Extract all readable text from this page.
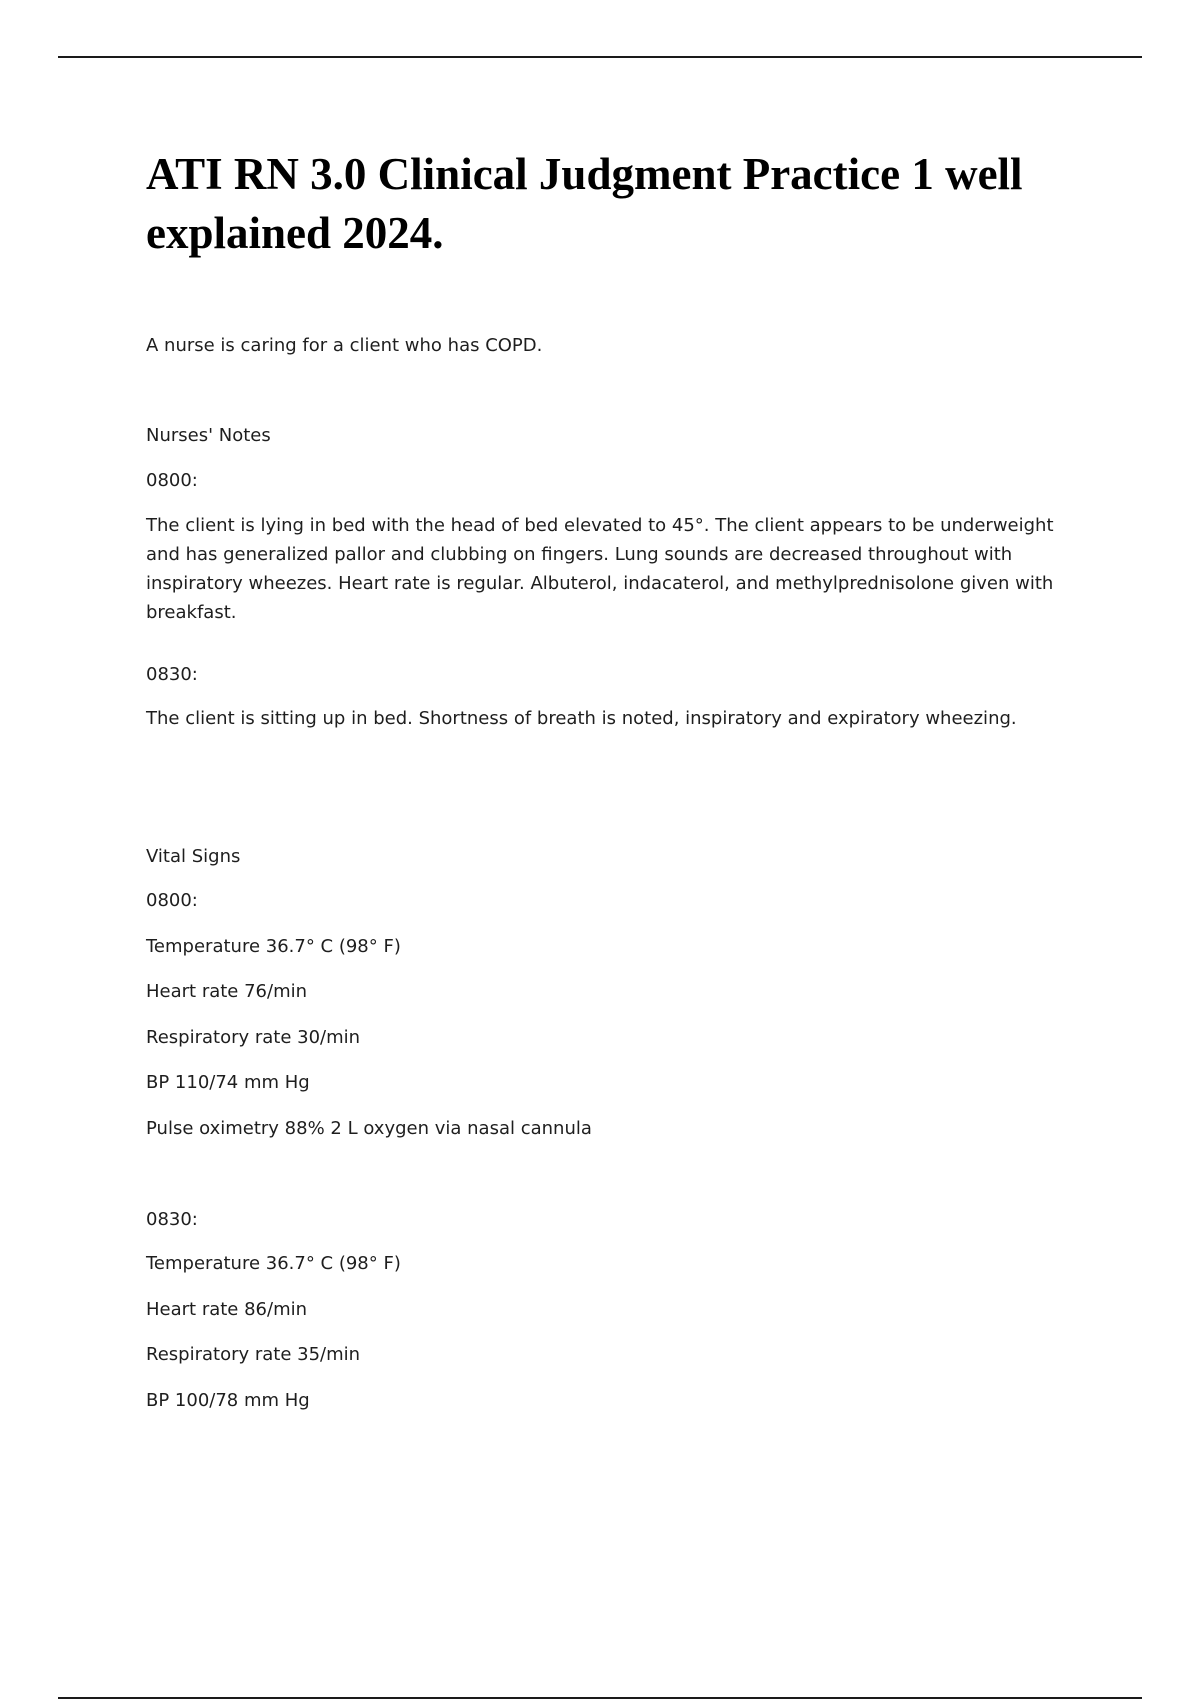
ATI RN 3.0 Clinical Judgment Practice 1 well explained 2024.

A nurse is caring for a client who has COPD.

Nurses' Notes

0800:

The client is lying in bed with the head of bed elevated to 45°. The client appears to be underweight and has generalized pallor and clubbing on fingers. Lung sounds are decreased throughout with inspiratory wheezes. Heart rate is regular. Albuterol, indacaterol, and methylprednisolone given with breakfast.

0830:

The client is sitting up in bed. Shortness of breath is noted, inspiratory and expiratory wheezing.

Vital Signs

0800:

Temperature 36.7° C (98° F)

Heart rate 76/min

Respiratory rate 30/min

BP 110/74 mm Hg

Pulse oximetry 88% 2 L oxygen via nasal cannula

0830:

Temperature 36.7° C (98° F)

Heart rate 86/min

Respiratory rate 35/min

BP 100/78 mm Hg
